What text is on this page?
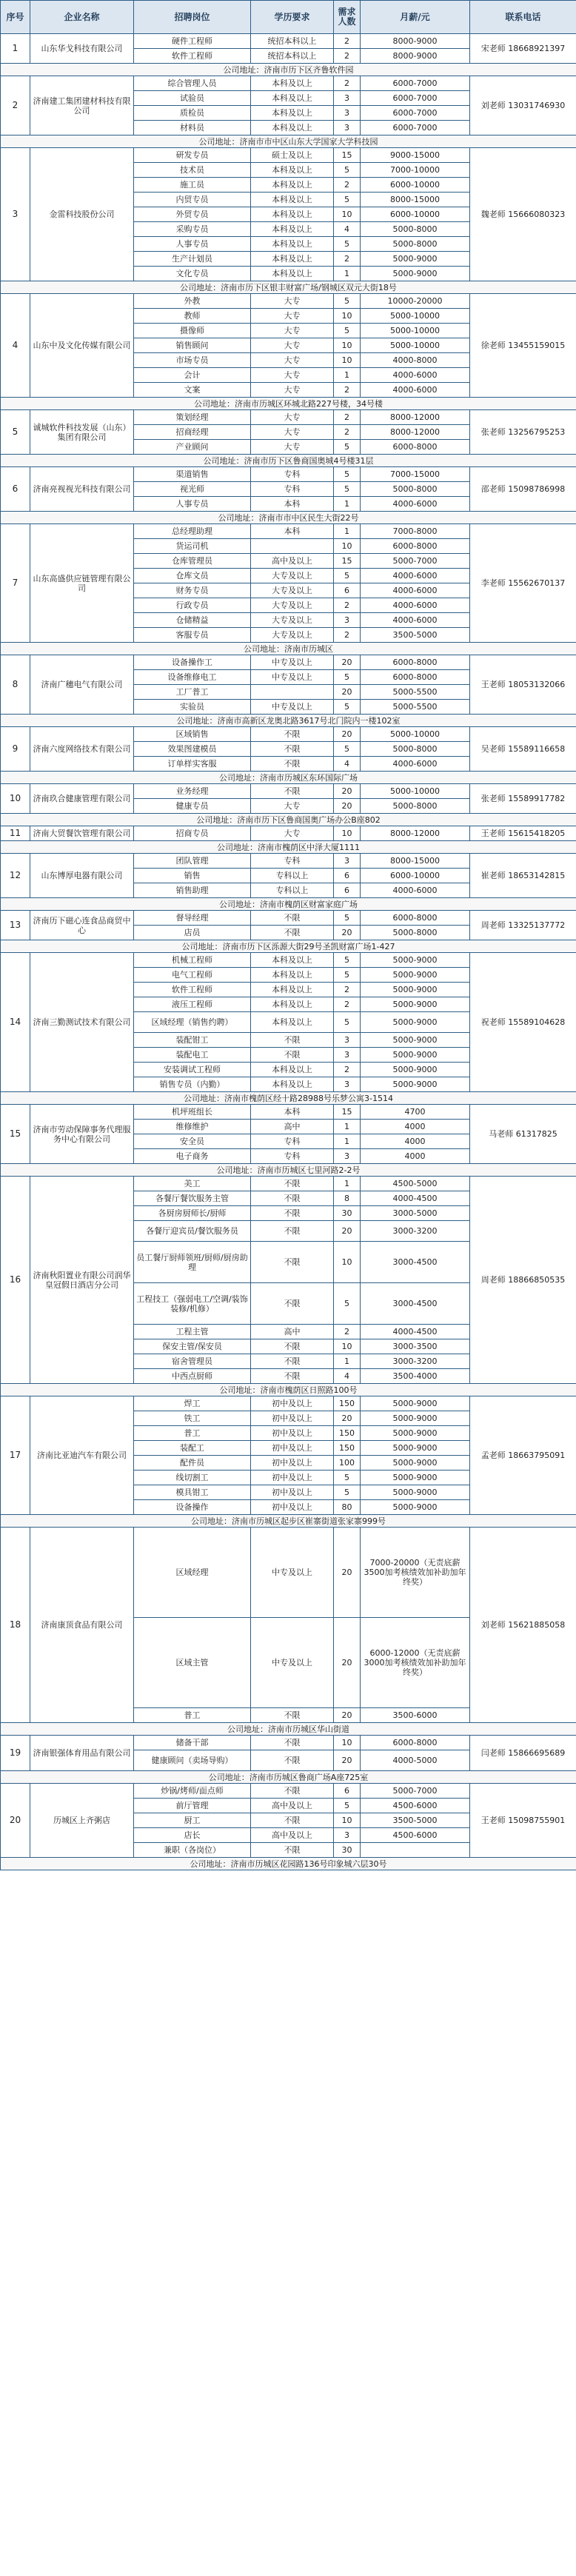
序号	企业名称	招聘岗位	学历要求	需求人数	月薪/元	联系电话
1	山东华戈科技有限公司	硬件工程师	统招本科以上	2	8000-9000	宋老师 18668921397
		软件工程师	统招本科以上	2	8000-9000	
公司地址：济南市历下区齐鲁软件园						
2	济南建工集团建材科技有限公司	综合管理人员	本科及以上	2	6000-7000	刘老师 13031746930
		试验员	本科及以上	3	6000-7000	
		质检员	本科及以上	3	6000-7000	
		材料员	本科及以上	3	6000-7000	
公司地址：济南市市中区山东大学国家大学科技园						
3	金雷科技股份公司	研发专员	硕士及以上	15	9000-15000	魏老师 15666080323
		技术员	本科及以上	5	7000-10000	
		施工员	本科及以上	2	6000-10000	
		内贸专员	本科及以上	5	8000-15000	
		外贸专员	本科及以上	10	6000-10000	
		采购专员	本科及以上	4	5000-8000	
		人事专员	本科及以上	5	5000-8000	
		生产计划员	本科及以上	2	5000-9000	
		文化专员	本科及以上	1	5000-9000	
公司地址：济南市历下区银丰财富广场/钢城区双元大街18号						
4	山东中及文化传媒有限公司	外教	大专	5	10000-20000	徐老师 13455159015
		教师	大专	10	5000-10000	
		摄像师	大专	5	5000-10000	
		销售顾问	大专	10	5000-10000	
		市场专员	大专	10	4000-8000	
		会计	大专	1	4000-6000	
		文案	大专	2	4000-6000	
公司地址：济南市历城区环城北路227号楼，34号楼						
5	诚城软件科技发展（山东）集团有限公司	策划经理	大专	2	8000-12000	张老师 13256795253
		招商经理	大专	2	8000-12000	
		产业顾问	大专	5	6000-8000	
公司地址：济南市历下区鲁商国奥城4号楼31层						
6	济南亮视视光科技有限公司	渠道销售	专科	5	7000-15000	邵老师 15098786998
		视光师	专科	5	5000-8000	
		人事专员	本科	1	4000-6000	
公司地址：济南市市中区民生大街22号						
7	山东高盛供应链管理有限公司	总经理助理	本科	1	7000-8000	李老师 15562670137
		货运司机		10	6000-8000	
		仓库管理员	高中及以上	15	5000-7000	
		仓库文员	大专及以上	5	4000-6000	
		财务专员	大专及以上	6	4000-6000	
		行政专员	大专及以上	2	4000-6000	
		仓储精益	大专及以上	3	4000-6000	
		客服专员	大专及以上	2	3500-5000	
公司地址：济南市历城区						
8	济南广穗电气有限公司	设备操作工	中专及以上	20	6000-8000	王老师 18053132066
		设备维修电工	中专及以上	5	6000-8000	
		工厂普工		20	5000-5500	
		实验员	中专及以上	5	5000-5500	
公司地址：济南市高新区龙奥北路3617号北门院内一楼102室						
9	济南六度网络技术有限公司	区域销售	不限	20	5000-10000	吴老师 15589116658
		效果图建模员	不限	5	5000-8000	
		订单样实客服	不限	4	4000-6000	
公司地址：济南市历城区东环国际广场						
10	济南玖合健康管理有限公司	业务经理	不限	20	5000-10000	张老师 15589917782
		健康专员	大专	20	5000-8000	
公司地址：济南市历下区鲁商国奥广场办公B座802						
11	济南大贸餐饮管理有限公司	招商专员	大专	10	8000-12000	王老师 15615418205
公司地址：济南市槐荫区中泽大厦1111						
12	山东博厚电器有限公司	团队管理	专科	3	8000-15000	崔老师 18653142815
		销售	专科以上	6	6000-10000	
		销售助理	专科以上	6	4000-6000	
公司地址：济南市槐荫区财富家庭广场						
13	济南历下磁心连食品商贸中心	督导经理	不限	5	6000-8000	周老师 13325137772
		店员	不限	20	5000-8000	
公司地址：济南市历下区泺源大街29号圣凯财富广场1-427						
14	济南三勤测试技术有限公司	机械工程师	本科及以上	5	5000-9000	祝老师 15589104628
		电气工程师	本科及以上	5	5000-9000	
		软件工程师	本科及以上	2	5000-9000	
		液压工程师	本科及以上	2	5000-9000	
		区域经理（销售约聘）	本科及以上	5	5000-9000	
		装配钳工	不限	3	5000-9000	
		装配电工	不限	3	5000-9000	
		安装调试工程师	本科及以上	2	5000-9000	
		销售专员（内勤）	本科及以上	3	5000-9000	
公司地址：济南市槐荫区经十路28988号乐梦公寓3-1514						
15	济南市劳动保障事务代理服务中心有限公司	机坪班组长	本科	15	4700	马老师 61317825
		维修维护	高中	1	4000	
		安全员	专科	1	4000	
		电子商务	专科	3	4000	
公司地址：济南市历城区七里河路2-2号						
16	济南秋阳置业有限公司润华皇冠假日酒店分公司	美工	不限	1	4500-5000	周老师 18866850535
		各餐厅餐饮服务主管	不限	8	4000-4500	
		各厨房厨师长/厨师	不限	30	3000-5000	
		各餐厅迎宾员/餐饮服务员	不限	20	3000-3200	
		员工餐厅厨师领班/厨师/厨房助理	不限	10	3000-4500	
		工程技工（强弱电工/空调/装饰装修/机修）	不限	5	3000-4500	
		工程主管	高中	2	4000-4500	
		保安主管/保安员	不限	10	3000-3500	
		宿舍管理员	不限	1	3000-3200	
		中西点厨师	不限	4	3500-4000	
公司地址：济南市槐荫区日照路100号						
17	济南比亚迪汽车有限公司	焊工	初中及以上	150	5000-9000	孟老师 18663795091
		铁工	初中及以上	20	5000-9000	
		普工	初中及以上	150	5000-9000	
		装配工	初中及以上	150	5000-9000	
		配件员	初中及以上	100	5000-9000	
		线切割工	初中及以上	5	5000-9000	
		模具钳工	初中及以上	5	5000-9000	
		设备操作	初中及以上	80	5000-9000	
公司地址：济南市历城区起步区崔寨街道张家寨999号						
18	济南康顶食品有限公司	区域经理	中专及以上	20	7000-20000（无责底薪3500加考核绩效加补助加年终奖）	刘老师 15621885058
		区域主管	中专及以上	20	6000-12000（无责底薪3000加考核绩效加补助加年终奖）	
		普工	不限	20	3500-6000	
公司地址：济南市历城区华山街道						
19	济南银强体育用品有限公司	储备干部	不限	10	6000-8000	闫老师 15866695689
		健康顾问（卖场导购）	不限	20	4000-5000	
公司地址：济南市历城区鲁商广场A座725室						
20	历城区上齐粥店	炒锅/烤师/面点师	不限	6	5000-7000	王老师 15098755901
		前厅管理	高中及以上	5	4500-6000	
		厨工	不限	10	3500-5000	
		店长	高中及以上	3	4500-6000	
		兼职（各岗位）	不限	30		
公司地址：济南市历城区花园路136号印象城六层30号						
